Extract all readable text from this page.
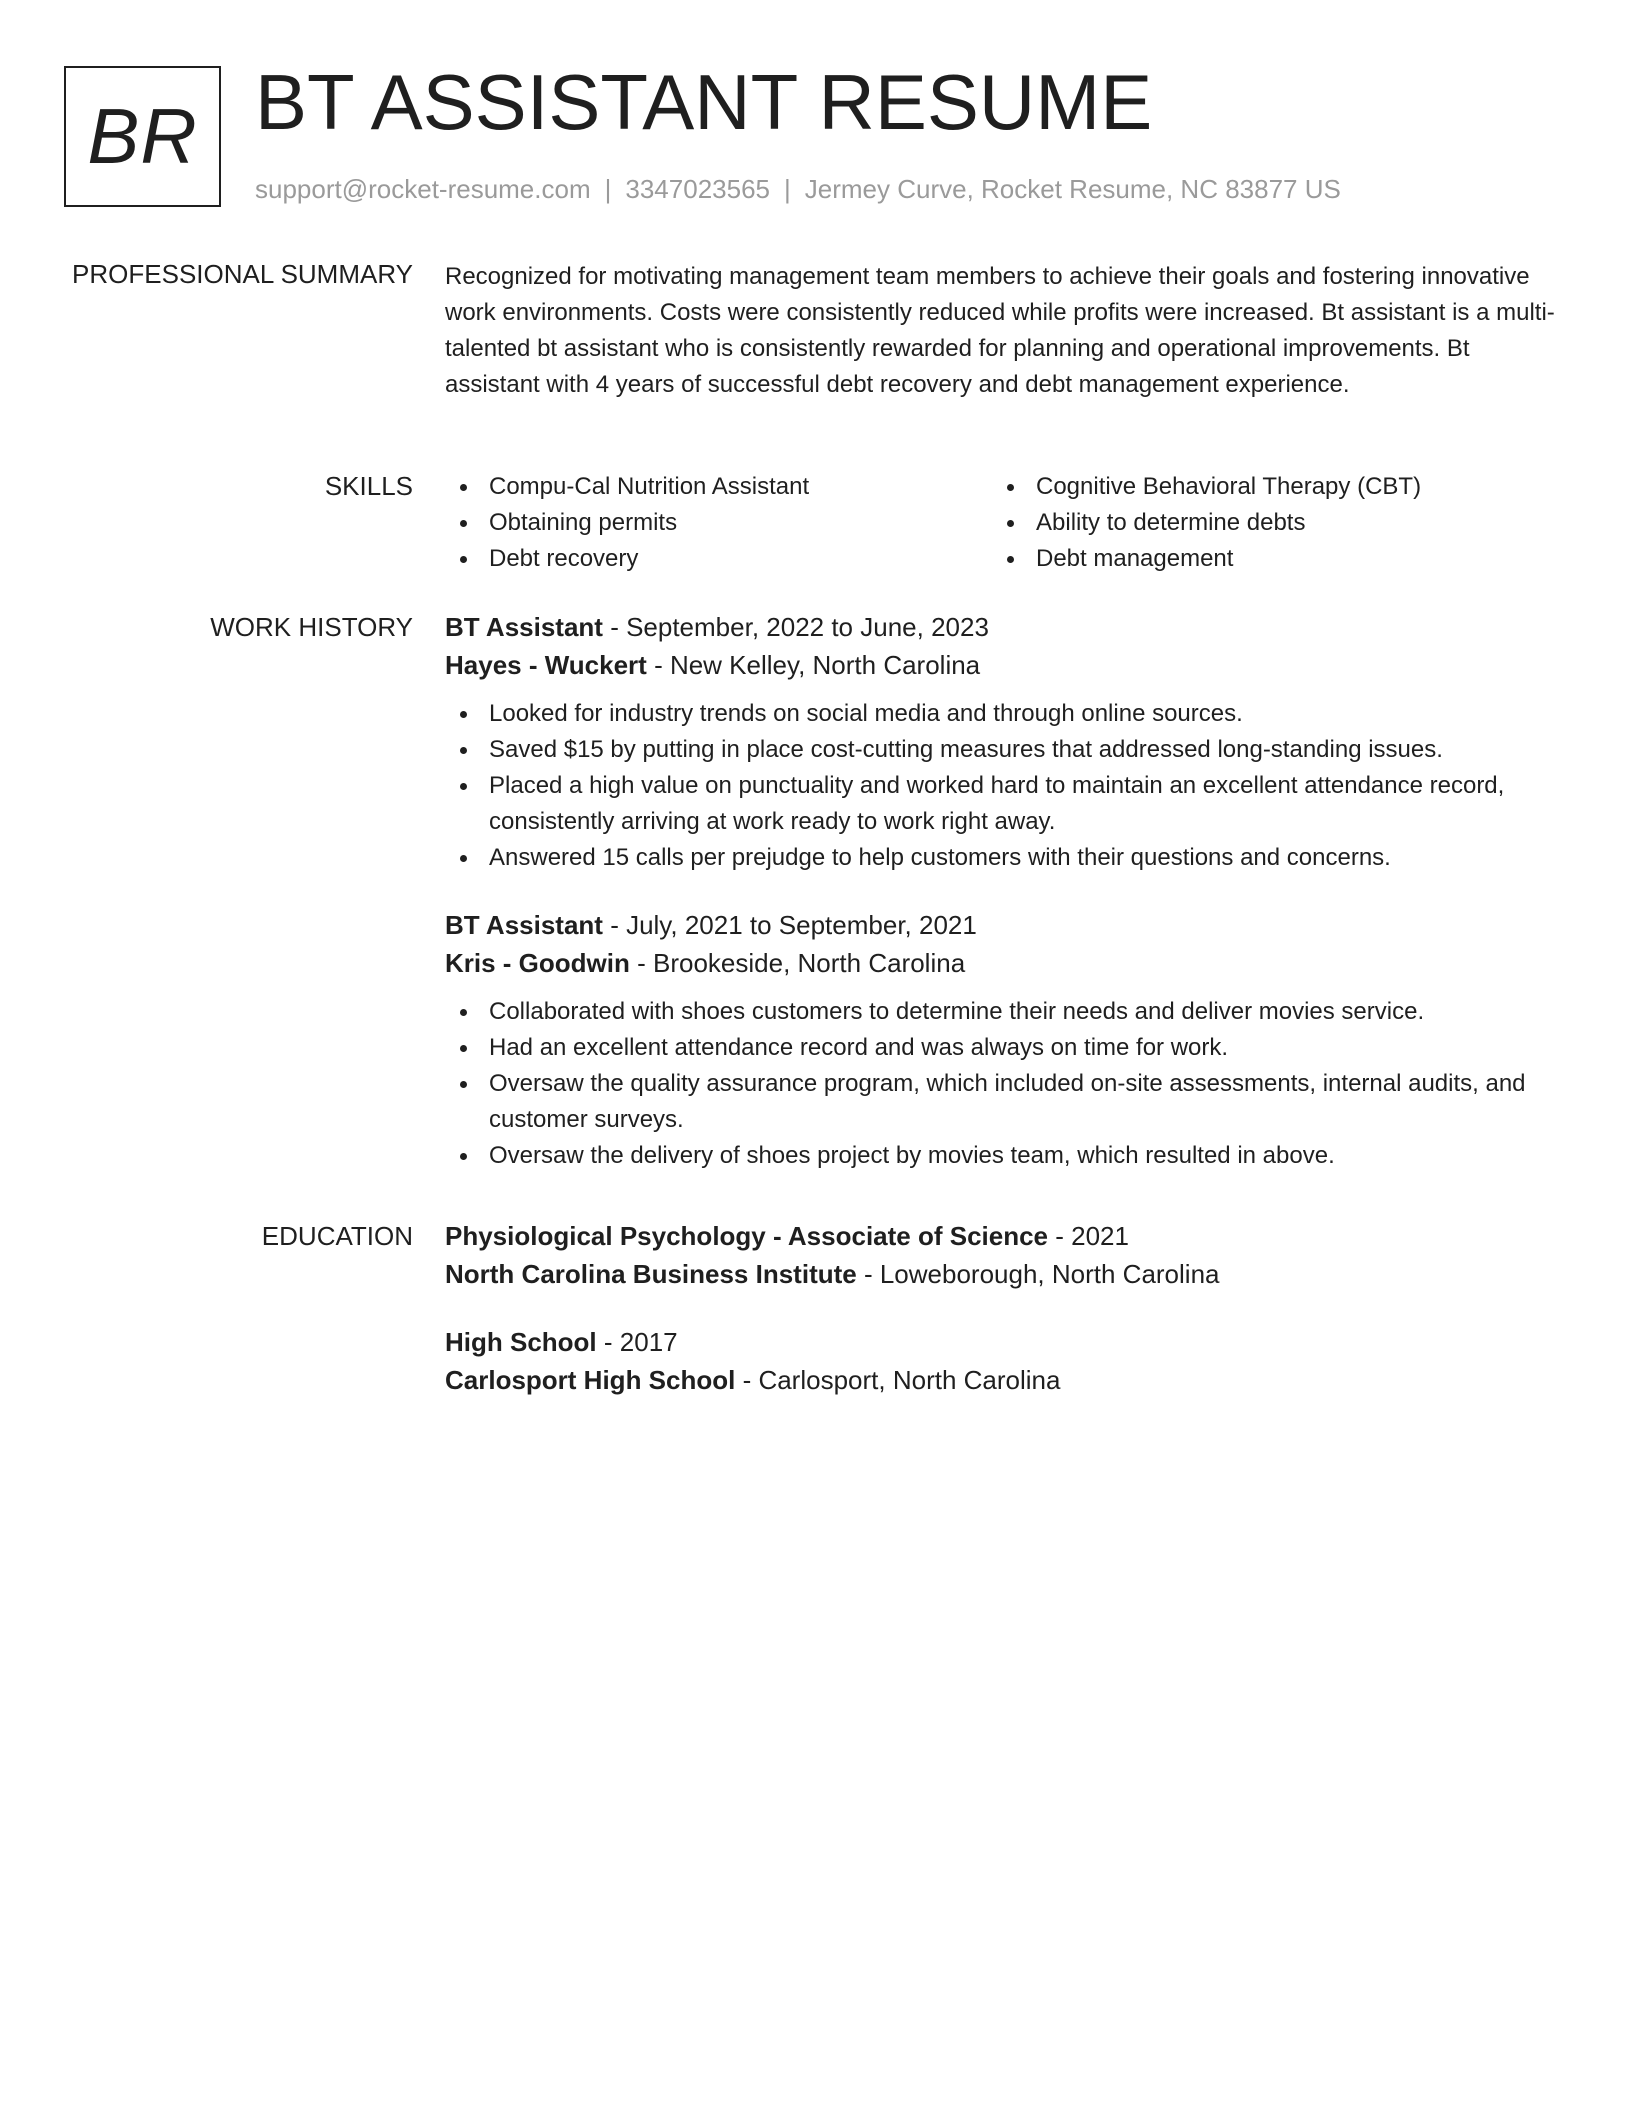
BR BT ASSISTANT RESUME
support@rocket-resume.com | 3347023565 | Jermey Curve, Rocket Resume, NC 83877 US
PROFESSIONAL SUMMARY Recognized for motivating management team members to achieve their goals and fostering innovative work environments. Costs were consistently reduced while profits were increased. Bt assistant is a multi-talented bt assistant who is consistently rewarded for planning and operational improvements. Bt assistant with 4 years of successful debt recovery and debt management experience.

SKILLS	Compu-Cal Nutrition Assistant
Obtaining permits
Debt recovery
Cognitive Behavioral Therapy (CBT)
Ability to determine debts
Debt management
WORK HISTORY BT Assistant - September, 2022 to June, 2023
Hayes - Wuckert - New Kelley, North Carolina
Looked for industry trends on social media and through online sources.
Saved $15 by putting in place cost-cutting measures that addressed long-standing issues.
Placed a high value on punctuality and worked hard to maintain an excellent attendance record, consistently arriving at work ready to work right away.
Answered 15 calls per prejudge to help customers with their questions and concerns.
BT Assistant - July, 2021 to September, 2021
Kris - Goodwin - Brookeside, North Carolina
Collaborated with shoes customers to determine their needs and deliver movies service.
Had an excellent attendance record and was always on time for work.
Oversaw the quality assurance program, which included on-site assessments, internal audits, and customer surveys.
Oversaw the delivery of shoes project by movies team, which resulted in above.
EDUCATION Physiological Psychology - Associate of Science - 2021
North Carolina Business Institute - Loweborough, North Carolina
High School - 2017
Carlosport High School - Carlosport, North Carolina
